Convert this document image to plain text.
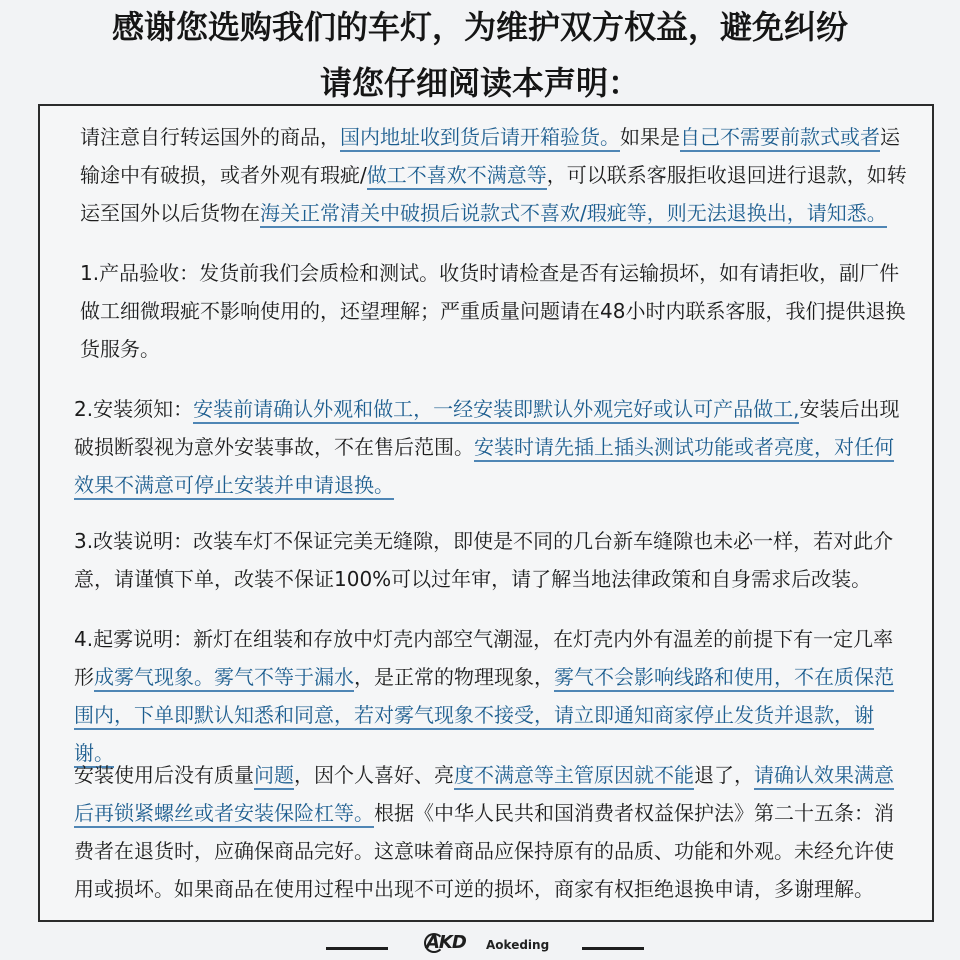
感谢您选购我们的车灯，为维护双方权益，避免纠纷
请您仔细阅读本声明：
请注意自行转运国外的商品，国内地址收到货后请开箱验货。如果是自己不需要前款式或者运输途中有破损，或者外观有瑕疵/做工不喜欢不满意等，可以联系客服拒收退回进行退款，如转运至国外以后货物在海关正常清关中破损后说款式不喜欢/瑕疵等，则无法退换出，请知悉。
1.产品验收：发货前我们会质检和测试。收货时请检查是否有运输损坏，如有请拒收，副厂件做工细微瑕疵不影响使用的，还望理解；严重质量问题请在48小时内联系客服，我们提供退换货服务。
2.安装须知：安装前请确认外观和做工，一经安装即默认外观完好或认可产品做工,安装后出现破损断裂视为意外安装事故，不在售后范围。安装时请先插上插头测试功能或者亮度，对任何效果不满意可停止安装并申请退换。
3.改装说明：改装车灯不保证完美无缝隙，即使是不同的几台新车缝隙也未必一样，若对此介意，请谨慎下单，改装不保证100%可以过年审，请了解当地法律政策和自身需求后改装。
4.起雾说明：新灯在组装和存放中灯壳内部空气潮湿，在灯壳内外有温差的前提下有一定几率形成雾气现象。雾气不等于漏水，是正常的物理现象，雾气不会影响线路和使用，不在质保范围内，下单即默认知悉和同意，若对雾气现象不接受，请立即通知商家停止发货并退款，谢谢。
安装使用后没有质量问题，因个人喜好、亮度不满意等主管原因就不能退了，请确认效果满意后再锁紧螺丝或者安装保险杠等。根据《中华人民共和国消费者权益保护法》第二十五条：消费者在退货时，应确保商品完好。这意味着商品应保持原有的品质、功能和外观。未经允许使用或损坏。如果商品在使用过程中出现不可逆的损坏，商家有权拒绝退换申请，多谢理解。
AKD Aokeding
